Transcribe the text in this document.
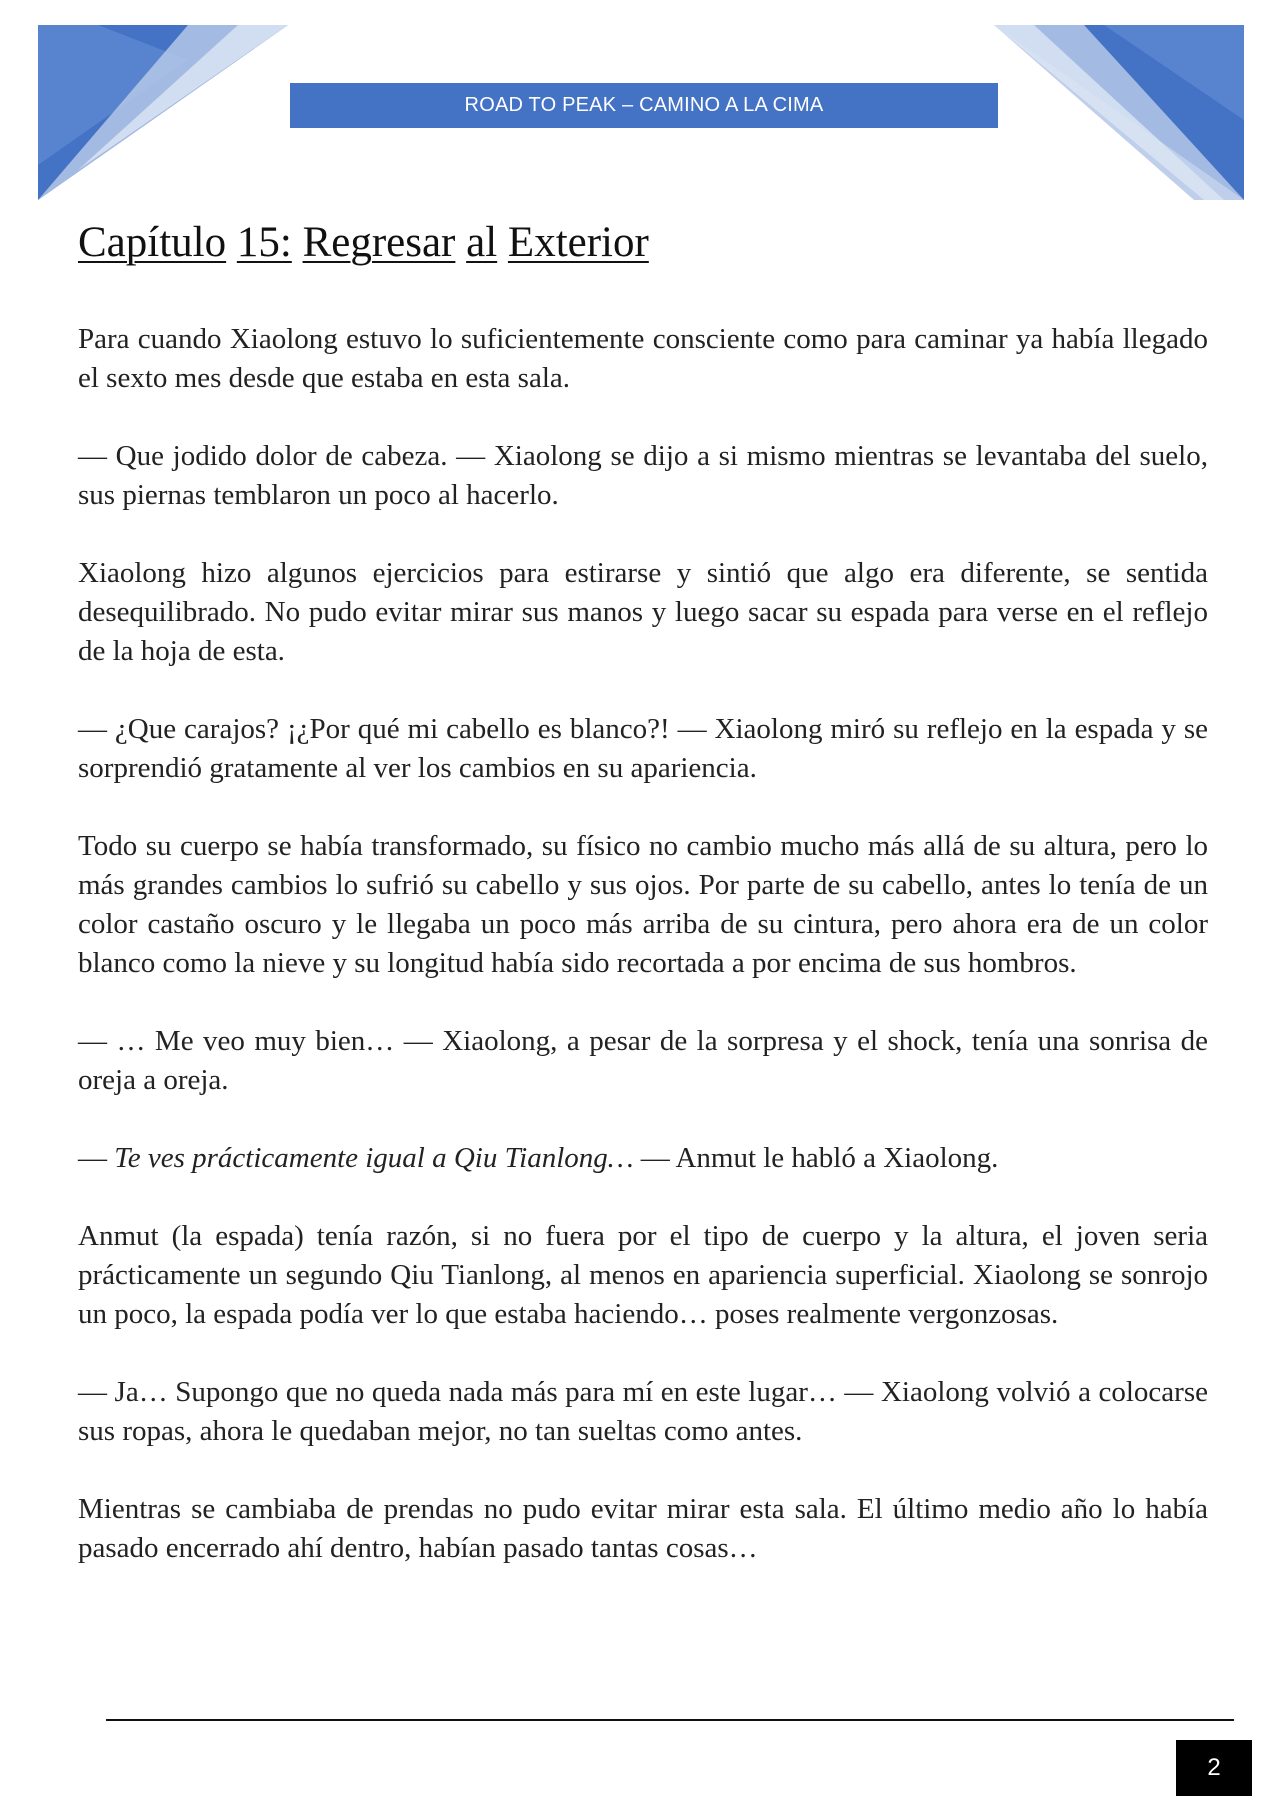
ROAD TO PEAK – CAMINO A LA CIMA
Capítulo 15: Regresar al Exterior

Para cuando Xiaolong estuvo lo suficientemente consciente como para caminar ya había llegado el sexto mes desde que estaba en esta sala.

— Que jodido dolor de cabeza. — Xiaolong se dijo a si mismo mientras se levantaba del suelo, sus piernas temblaron un poco al hacerlo.

Xiaolong hizo algunos ejercicios para estirarse y sintió que algo era diferente, se sentida desequilibrado. No pudo evitar mirar sus manos y luego sacar su espada para verse en el reflejo de la hoja de esta.

— ¿Que carajos? ¡¿Por qué mi cabello es blanco?! — Xiaolong miró su reflejo en la espada y se sorprendió gratamente al ver los cambios en su apariencia.

Todo su cuerpo se había transformado, su físico no cambio mucho más allá de su altura, pero lo más grandes cambios lo sufrió su cabello y sus ojos. Por parte de su cabello, antes lo tenía de un color castaño oscuro y le llegaba un poco más arriba de su cintura, pero ahora era de un color blanco como la nieve y su longitud había sido recortada a por encima de sus hombros.

— … Me veo muy bien… — Xiaolong, a pesar de la sorpresa y el shock, tenía una sonrisa de oreja a oreja.

— Te ves prácticamente igual a Qiu Tianlong… — Anmut le habló a Xiaolong.

Anmut (la espada) tenía razón, si no fuera por el tipo de cuerpo y la altura, el joven seria prácticamente un segundo Qiu Tianlong, al menos en apariencia superficial. Xiaolong se sonrojo un poco, la espada podía ver lo que estaba haciendo… poses realmente vergonzosas.

— Ja… Supongo que no queda nada más para mí en este lugar… — Xiaolong volvió a colocarse sus ropas, ahora le quedaban mejor, no tan sueltas como antes.

Mientras se cambiaba de prendas no pudo evitar mirar esta sala. El último medio año lo había pasado encerrado ahí dentro, habían pasado tantas cosas…

2
